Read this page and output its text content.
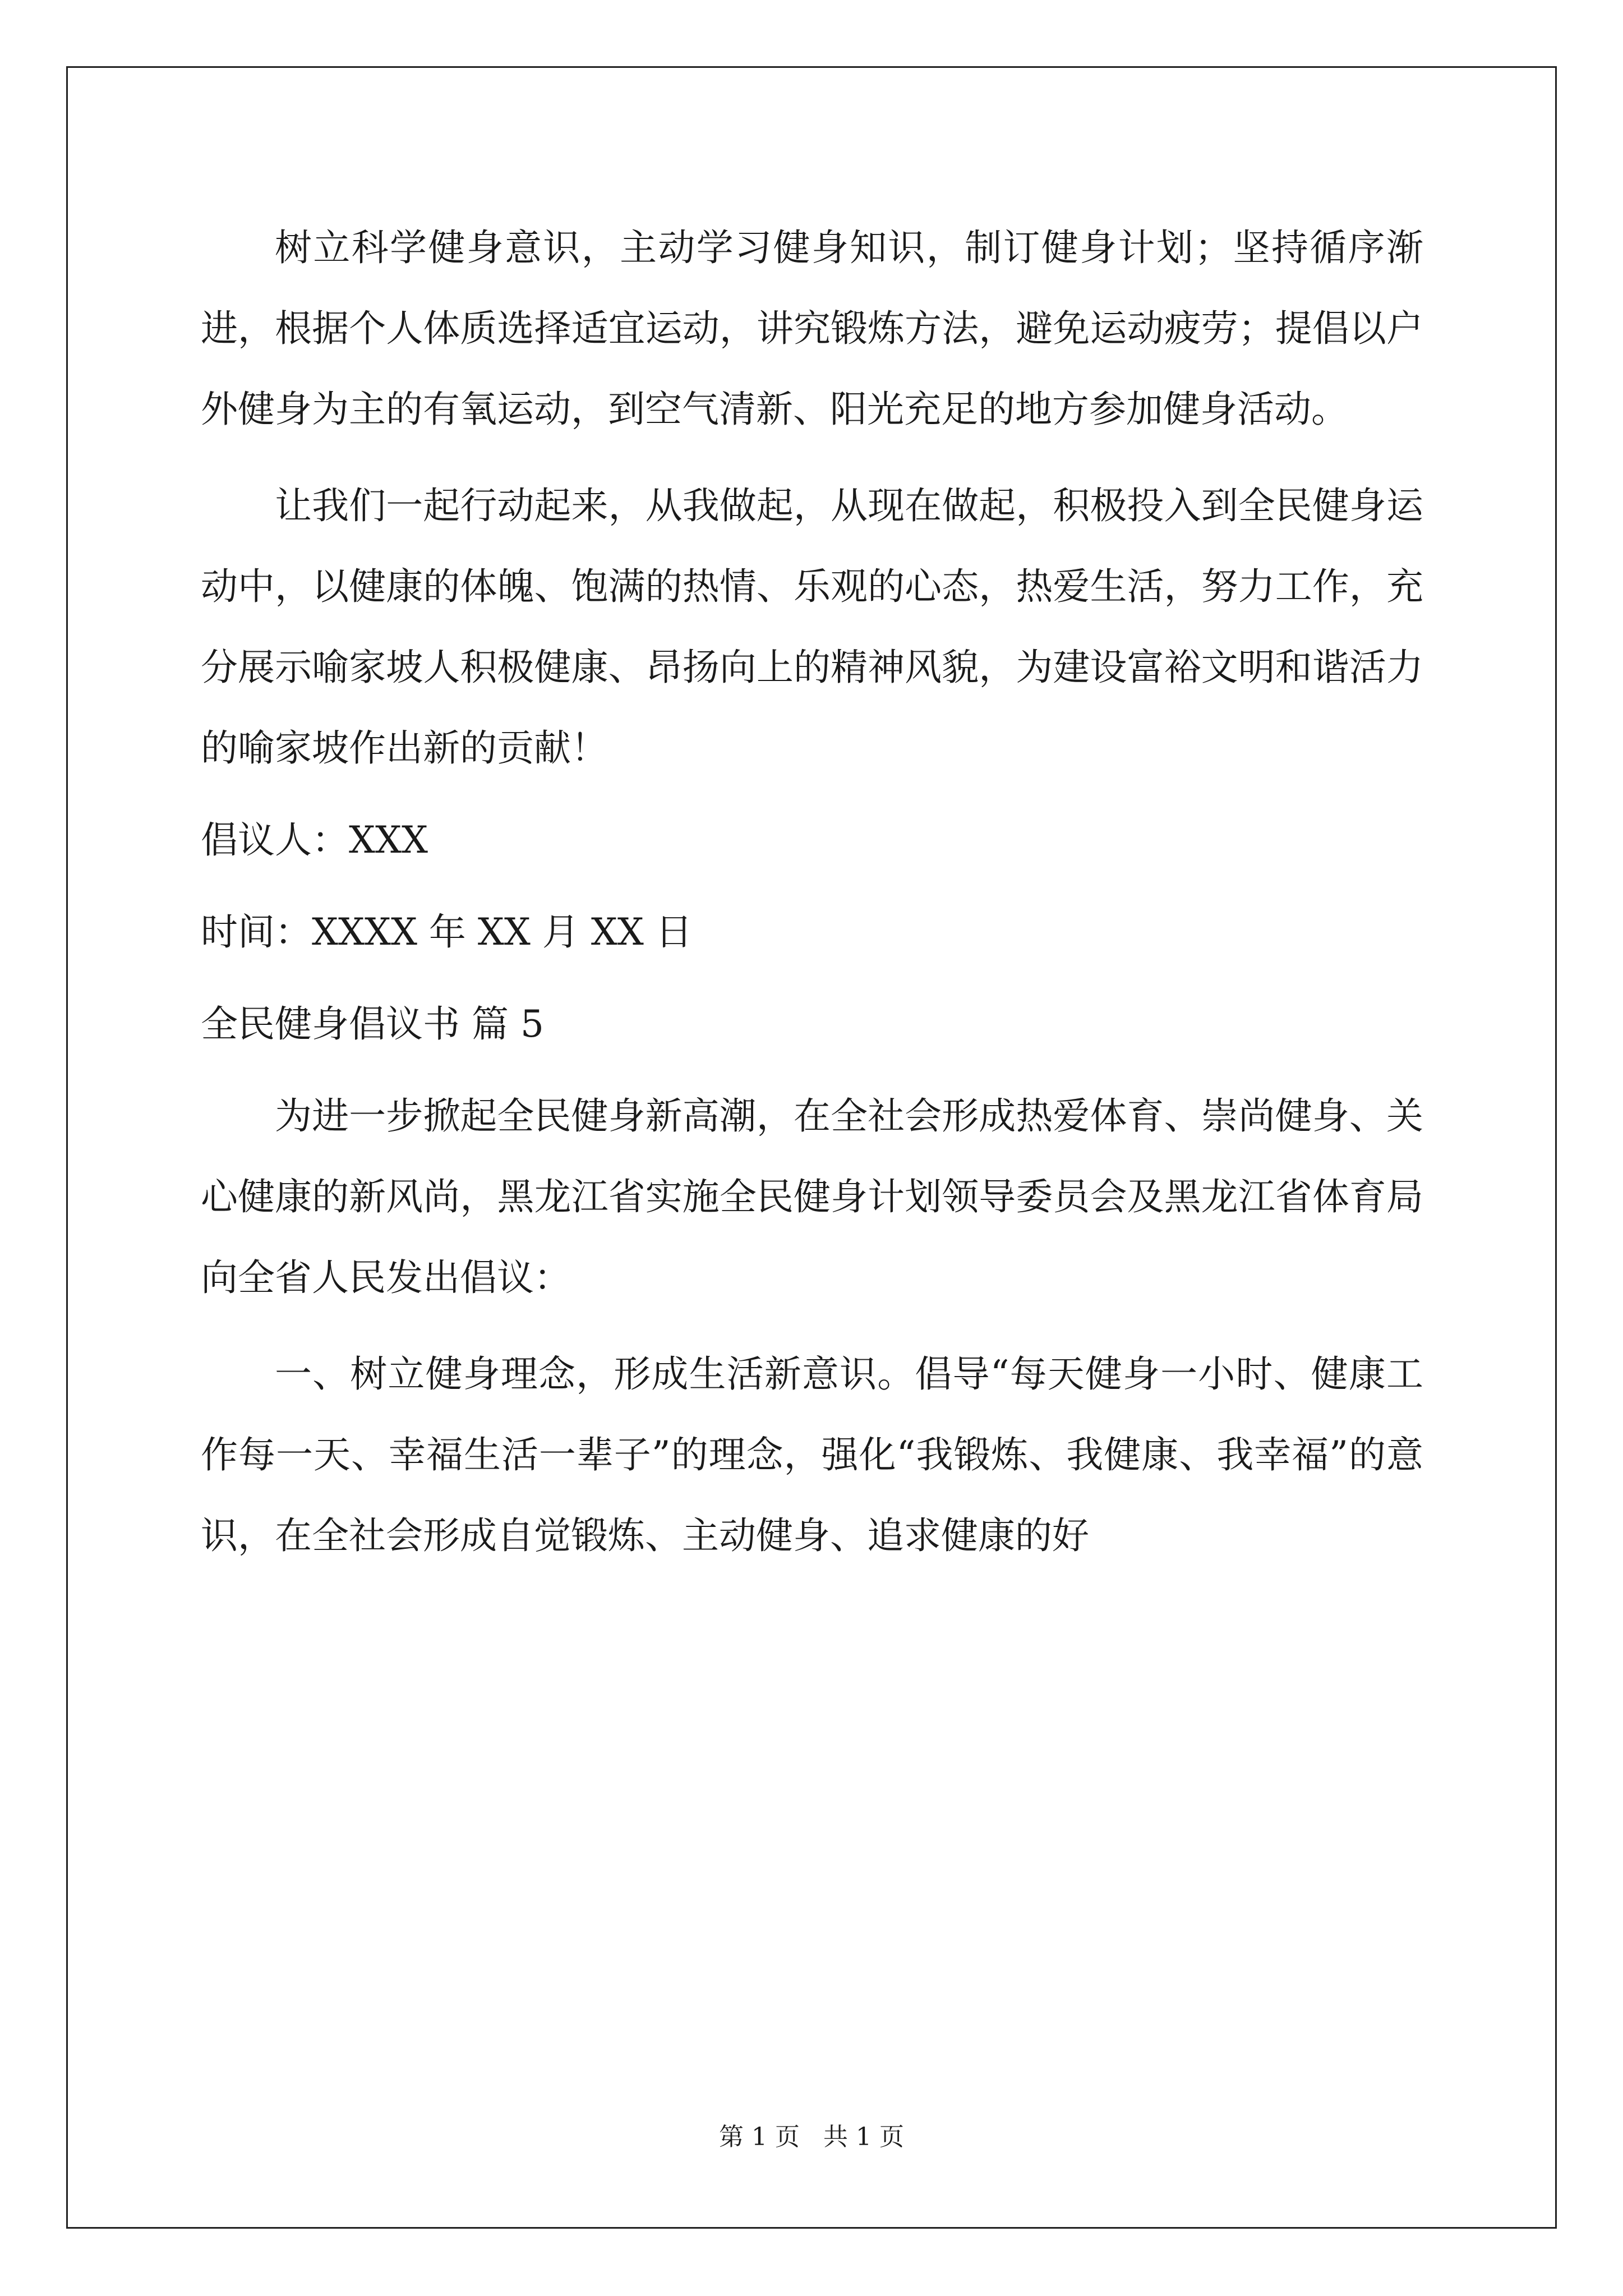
树立科学健身意识，主动学习健身知识，制订健身计划；坚持循序渐进，根据个人体质选择适宜运动，讲究锻炼方法，避免运动疲劳；提倡以户外健身为主的有氧运动，到空气清新、阳光充足的地方参加健身活动。

让我们一起行动起来，从我做起，从现在做起，积极投入到全民健身运动中，以健康的体魄、饱满的热情、乐观的心态，热爱生活，努力工作，充分展示喻家坡人积极健康、昂扬向上的精神风貌，为建设富裕文明和谐活力的喻家坡作出新的贡献！

倡议人：XXX

时间：XXXX 年 XX 月 XX 日

全民健身倡议书 篇 5

为进一步掀起全民健身新高潮，在全社会形成热爱体育、崇尚健身、关心健康的新风尚，黑龙江省实施全民健身计划领导委员会及黑龙江省体育局向全省人民发出倡议：

一、树立健身理念，形成生活新意识。倡导“每天健身一小时、健康工作每一天、幸福生活一辈子”的理念，强化“我锻炼、我健康、我幸福”的意识，在全社会形成自觉锻炼、主动健身、追求健康的好

第 1 页   共 1 页
